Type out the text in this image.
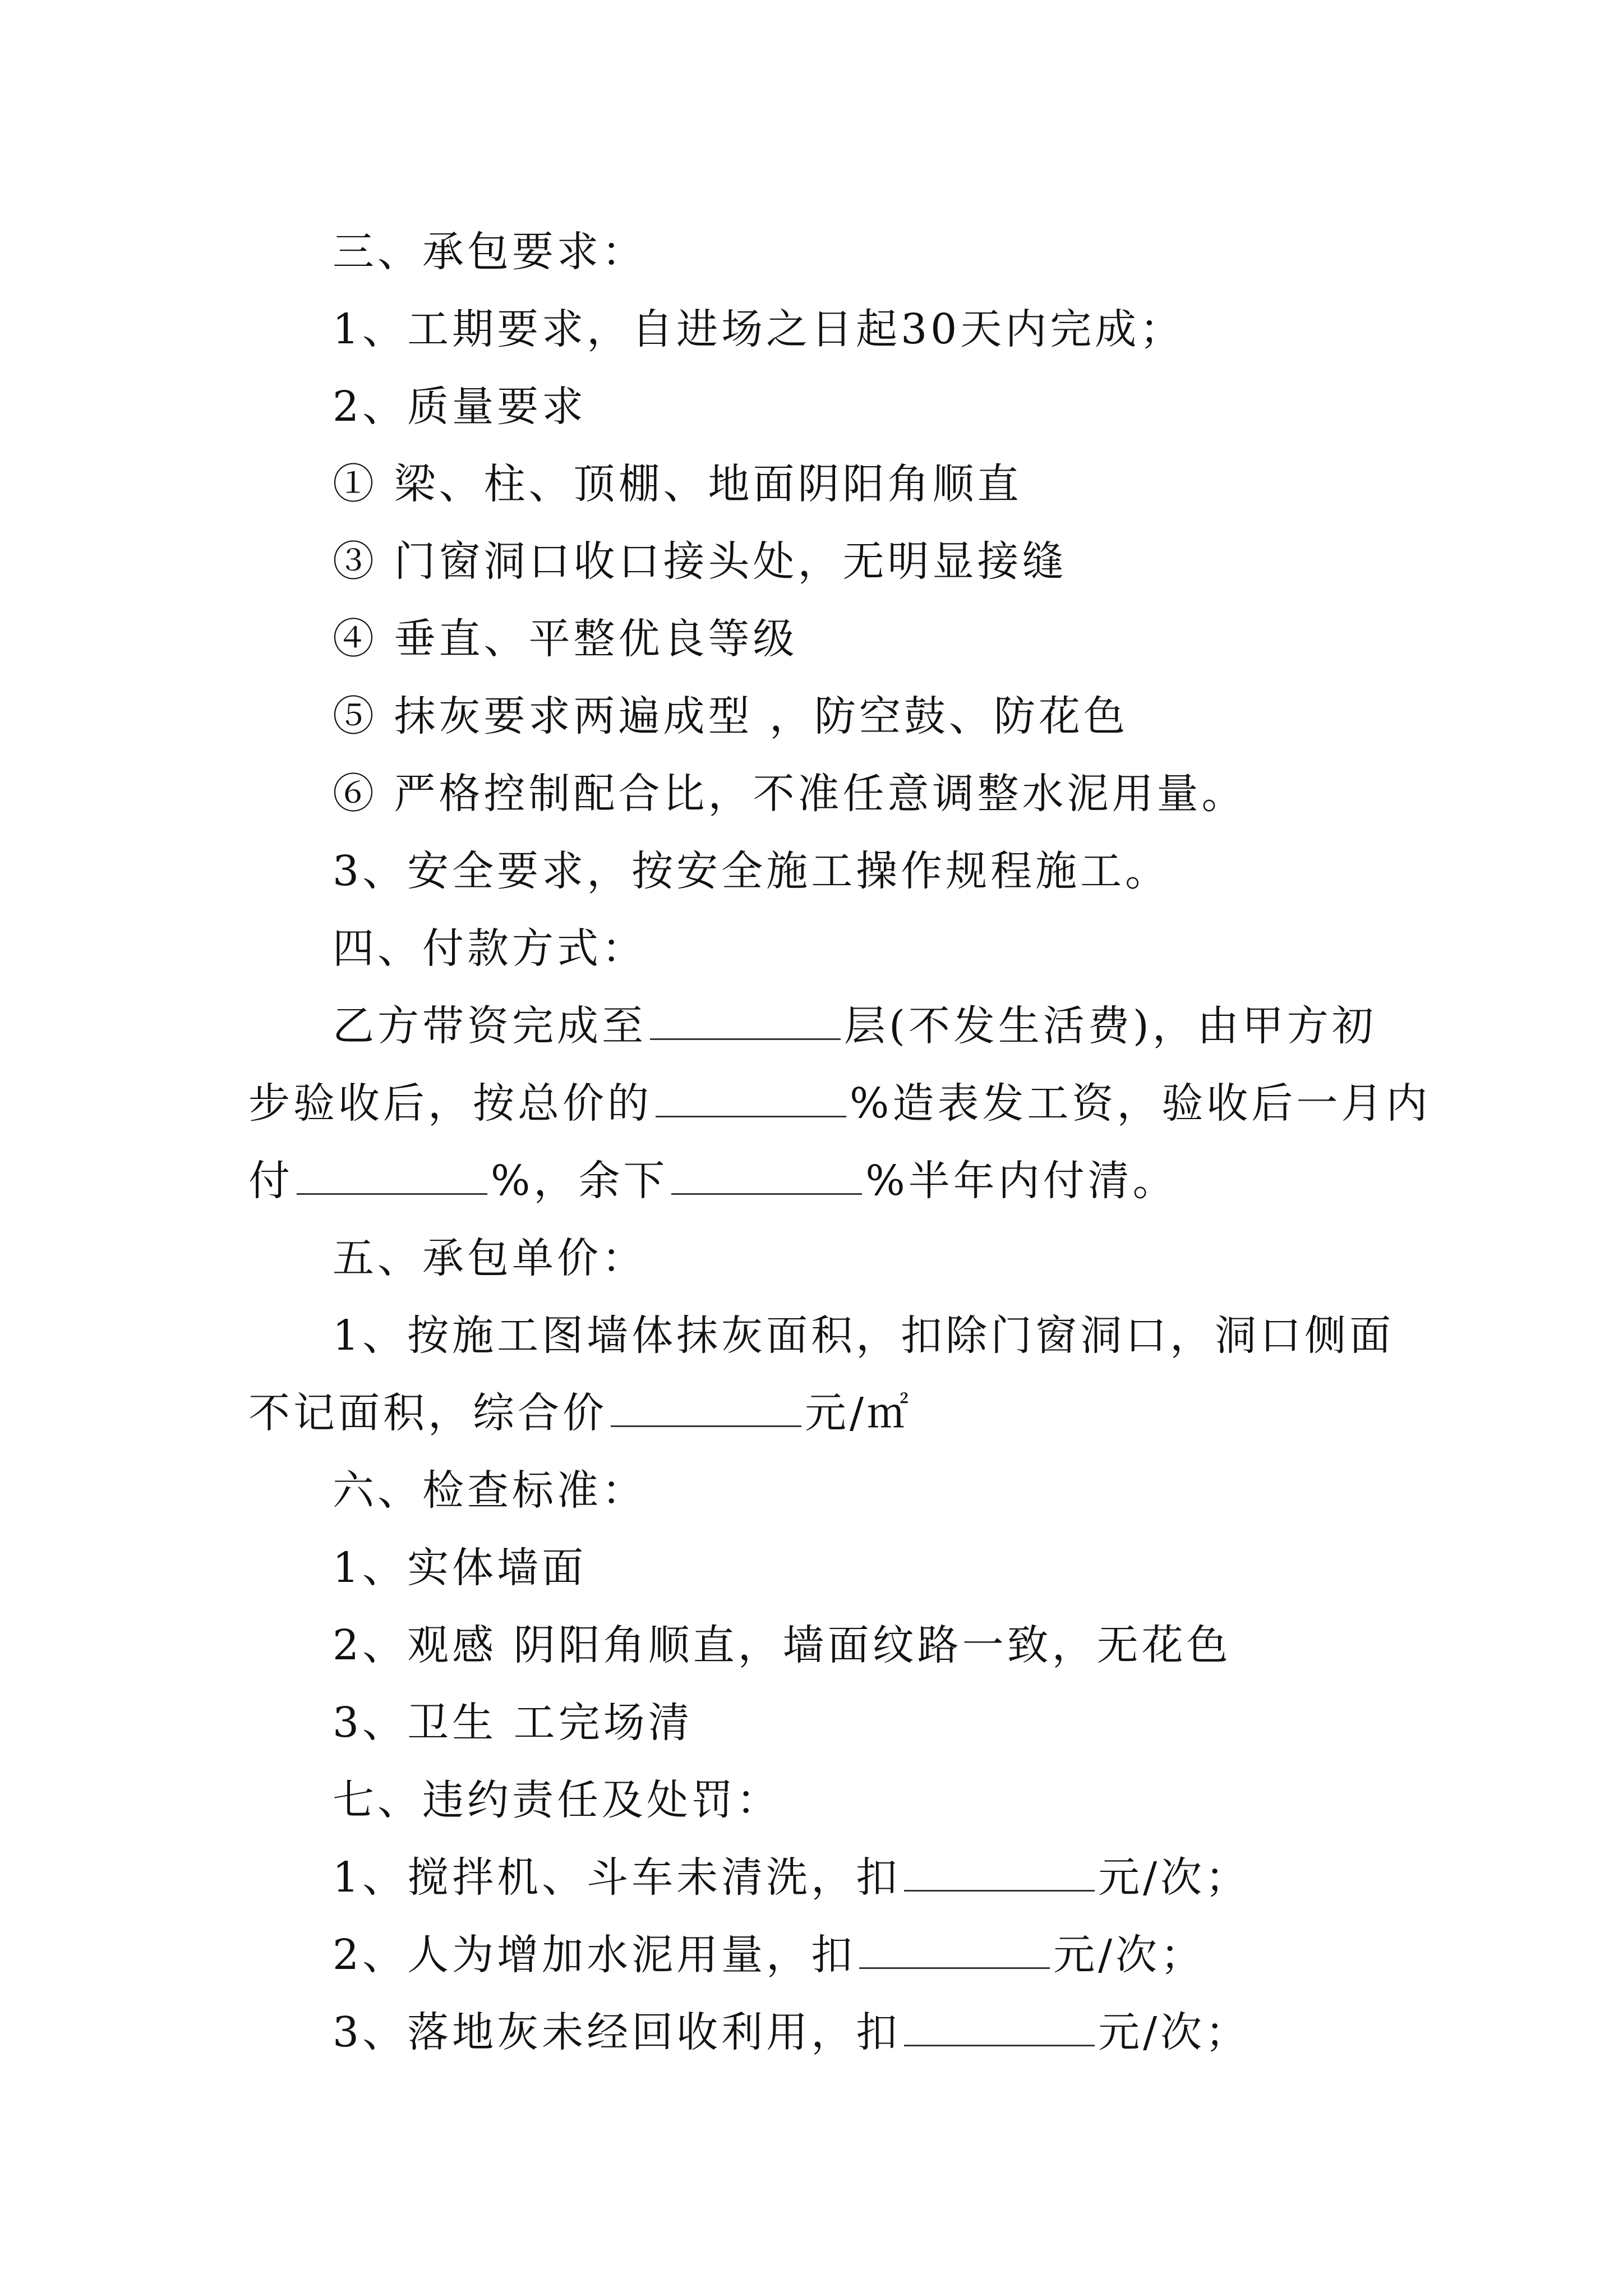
三、承包要求：
1、工期要求，自进场之日起30天内完成；
2、质量要求
① 梁、柱、顶棚、地面阴阳角顺直
③ 门窗洞口收口接头处，无明显接缝
④ 垂直、平整优良等级
⑤ 抹灰要求两遍成型 ，防空鼓、防花色
⑥ 严格控制配合比，不准任意调整水泥用量。
3、安全要求，按安全施工操作规程施工。
四、付款方式：
乙方带资完成至	层(不发生活费)，由甲方初
步验收后，按总价的	%造表发工资，验收后一月内
付	%，余下	%半年内付清。
五、承包单价：
1、按施工图墙体抹灰面积，扣除门窗洞口，洞口侧面
不记面积，综合价	元/㎡
六、检查标准：
1、实体墙面
2、观感 阴阳角顺直，墙面纹路一致，无花色
3、卫生 工完场清
七、违约责任及处罚：
1、搅拌机、斗车未清洗，扣	元/次；
2、人为增加水泥用量，扣	元/次；
3、落地灰未经回收利用，扣	元/次；
